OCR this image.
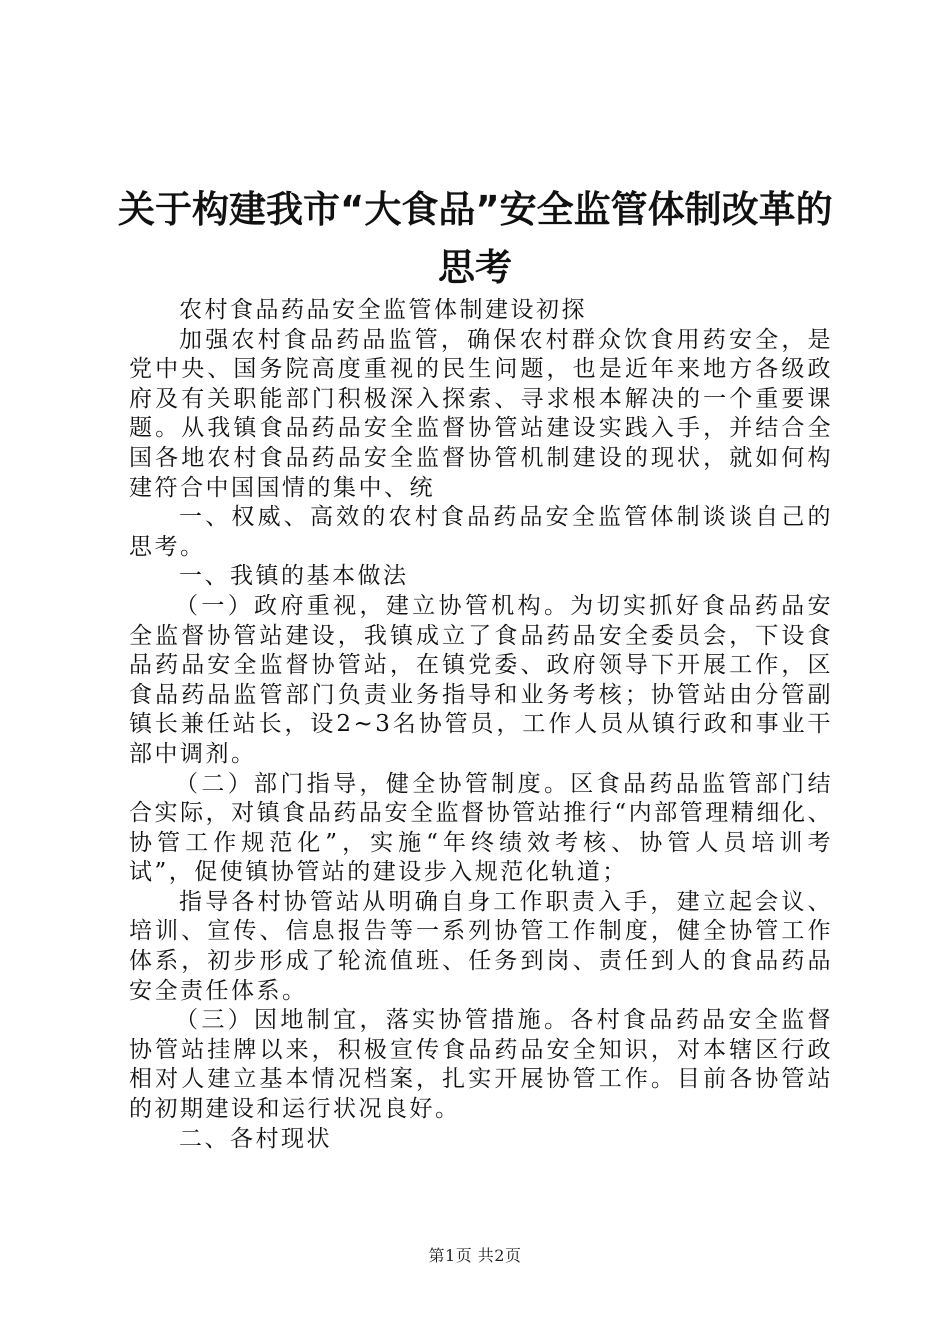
关于构建我市“大食品”安全监管体制改革的
思考

农村食品药品安全监管体制建设初探

加强农村食品药品监管，确保农村群众饮食用药安全，是党中央、国务院高度重视的民生问题，也是近年来地方各级政府及有关职能部门积极深入探索、寻求根本解决的一个重要课题。从我镇食品药品安全监督协管站建设实践入手，并结合全国各地农村食品药品安全监督协管机制建设的现状，就如何构建符合中国国情的集中、统

一、权威、高效的农村食品药品安全监管体制谈谈自己的思考。

一、我镇的基本做法

（一）政府重视，建立协管机构。为切实抓好食品药品安全监督协管站建设，我镇成立了食品药品安全委员会，下设食品药品安全监督协管站，在镇党委、政府领导下开展工作，区食品药品监管部门负责业务指导和业务考核；协管站由分管副镇长兼任站长，设2~3名协管员，工作人员从镇行政和事业干部中调剂。

（二）部门指导，健全协管制度。区食品药品监管部门结合实际，对镇食品药品安全监督协管站推行“内部管理精细化、协管工作规范化”，实施“年终绩效考核、协管人员培训考试”，促使镇协管站的建设步入规范化轨道；

指导各村协管站从明确自身工作职责入手，建立起会议、培训、宣传、信息报告等一系列协管工作制度，健全协管工作体系，初步形成了轮流值班、任务到岗、责任到人的食品药品安全责任体系。

（三）因地制宜，落实协管措施。各村食品药品安全监督协管站挂牌以来，积极宣传食品药品安全知识，对本辖区行政相对人建立基本情况档案，扎实开展协管工作。目前各协管站的初期建设和运行状况良好。

二、各村现状

第1页 共2页
